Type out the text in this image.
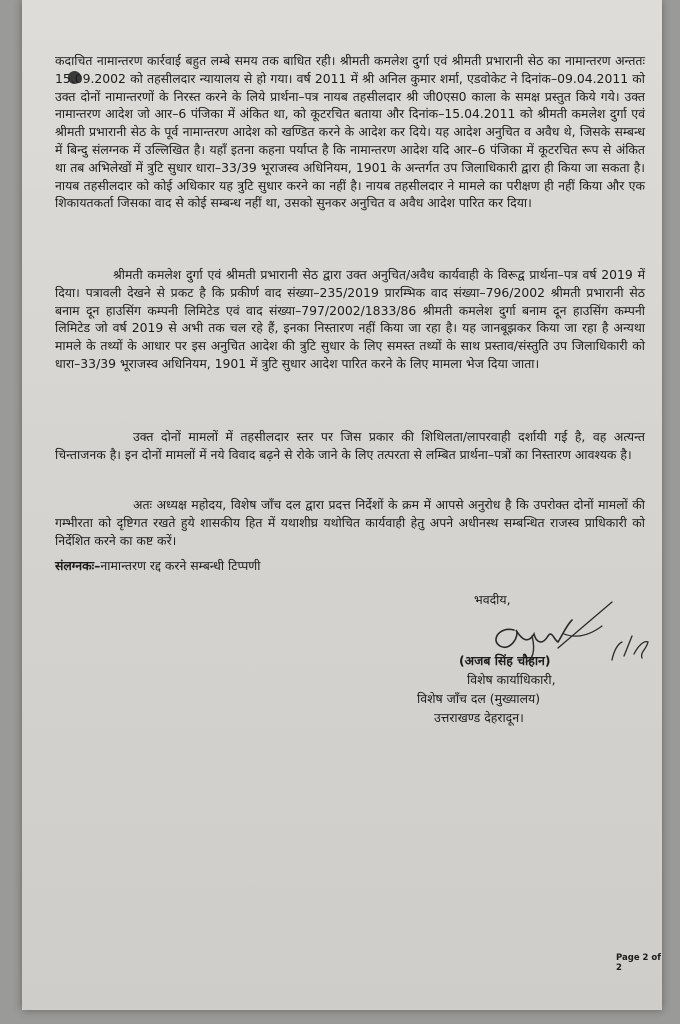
कदाचित नामान्तरण कार्रवाई बहुत लम्बे समय तक बाधित रही। श्रीमती कमलेश दुर्गा एवं श्रीमती प्रभारानी सेठ का नामान्तरण अन्ततः 15.09.2002 को तहसीलदार न्यायालय से हो गया। वर्ष 2011 में श्री अनिल कुमार शर्मा, एडवोकेट ने दिनांक–09.04.2011 को उक्त दोनों नामान्तरणों के निरस्त करने के लिये प्रार्थना–पत्र नायब तहसीलदार श्री जी0एस0 काला के समक्ष प्रस्तुत किये गये। उक्त नामान्तरण आदेश जो आर–6 पंजिका में अंकित था, को कूटरचित बताया और दिनांक–15.04.2011 को श्रीमती कमलेश दुर्गा एवं श्रीमती प्रभारानी सेठ के पूर्व नामान्तरण आदेश को खण्डित करने के आदेश कर दिये। यह आदेश अनुचित व अवैध थे, जिसके सम्बन्ध में बिन्दु संलग्नक में उल्लिखित है। यहाँ इतना कहना पर्याप्त है कि नामान्तरण आदेश यदि आर–6 पंजिका में कूटरचित रूप से अंकित था तब अभिलेखों में त्रुटि सुधार धारा–33/39 भूराजस्व अधिनियम, 1901 के अन्तर्गत उप जिलाधिकारी द्वारा ही किया जा सकता है। नायब तहसीलदार को कोई अधिकार यह त्रुटि सुधार करने का नहीं है। नायब तहसीलदार ने मामले का परीक्षण ही नहीं किया और एक शिकायतकर्ता जिसका वाद से कोई सम्बन्ध नहीं था, उसको सुनकर अनुचित व अवैध आदेश पारित कर दिया।

श्रीमती कमलेश दुर्गा एवं श्रीमती प्रभारानी सेठ द्वारा उक्त अनुचित/अवैध कार्यवाही के विरूद्व प्रार्थना–पत्र वर्ष 2019 में दिया। पत्रावली देखने से प्रकट है कि प्रकीर्ण वाद संख्या–235/2019 प्रारम्भिक वाद संख्या–796/2002 श्रीमती प्रभारानी सेठ बनाम दून हाउसिंग कम्पनी लिमिटेड एवं वाद संख्या–797/2002/1833/86 श्रीमती कमलेश दुर्गा बनाम दून हाउसिंग कम्पनी लिमिटेड जो वर्ष 2019 से अभी तक चल रहे हैं, इनका निस्तारण नहीं किया जा रहा है। यह जानबूझकर किया जा रहा है अन्यथा मामले के तथ्यों के आधार पर इस अनुचित आदेश की त्रुटि सुधार के लिए समस्त तथ्यों के साथ प्रस्ताव/संस्तुति उप जिलाधिकारी को धारा–33/39 भूराजस्व अधिनियम, 1901 में त्रुटि सुधार आदेश पारित करने के लिए मामला भेज दिया जाता।

उक्त दोनों मामलों में तहसीलदार स्तर पर जिस प्रकार की शिथिलता/लापरवाही दर्शायी गई है, वह अत्यन्त चिन्ताजनक है। इन दोनों मामलों में नये विवाद बढ़ने से रोके जाने के लिए तत्परता से लम्बित प्रार्थना–पत्रों का निस्तारण आवश्यक है।

अतः अध्यक्ष महोदय, विशेष जाँच दल द्वारा प्रदत्त निर्देशों के क्रम में आपसे अनुरोध है कि उपरोक्त दोनों मामलों की गम्भीरता को दृष्टिगत रखते हुये शासकीय हित में यथाशीघ्र यथोचित कार्यवाही हेतु अपने अधीनस्थ सम्बन्धित राजस्व प्राधिकारी को निर्देशित करने का कष्ट करें।

संलग्नकः–नामान्तरण रद्द करने सम्बन्धी टिप्पणी

भवदीय,
(अजब सिंह चौहान)
विशेष कार्याधिकारी,
विशेष जाँच दल (मुख्यालय)
उत्तराखण्ड देहरादून।
Page 2 of 2
